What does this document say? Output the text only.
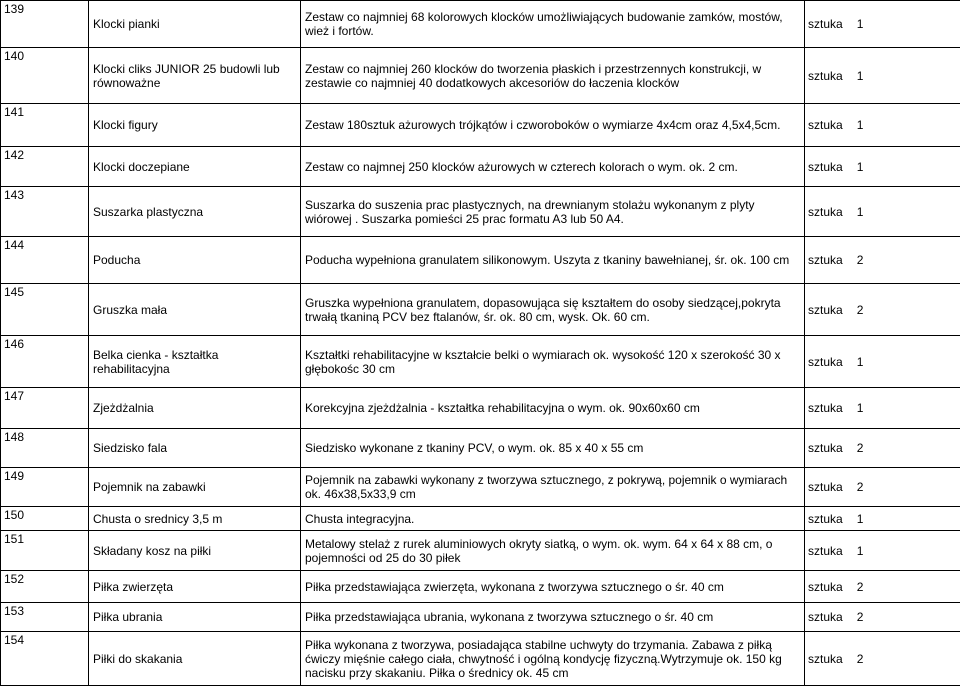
139	Klocki pianki	Zestaw co najmniej 68 kolorowych klocków umożliwiających budowanie zamków, mostów, wież i fortów.	sztuka 1
140	Klocki cliks JUNIOR 25 budowli lub równoważne	Zestaw co najmniej 260 klocków do tworzenia płaskich i przestrzennych konstrukcji, w zestawie co najmniej 40 dodatkowych akcesoriów do łaczenia klocków	sztuka 1
141	Klocki figury	Zestaw 180sztuk ażurowych trójkątów i czworoboków o wymiarze 4x4cm oraz 4,5x4,5cm.	sztuka 1
142	Klocki doczepiane	Zestaw co najmnej 250 klocków ażurowych w czterech kolorach o wym. ok. 2 cm.	sztuka 1
143	Suszarka plastyczna	Suszarka do suszenia prac plastycznych, na drewnianym stolażu wykonanym z plyty wiórowej . Suszarka pomieści 25 prac formatu A3 lub 50 A4.	sztuka 1
144	Poducha	Poducha wypełniona granulatem silikonowym. Uszyta z tkaniny bawełnianej, śr. ok. 100 cm	sztuka 2
145	Gruszka mała	Gruszka wypełniona granulatem, dopasowująca się kształtem do osoby siedzącej,pokryta trwałą tkaniną PCV bez ftalanów, śr. ok. 80 cm, wysk. Ok. 60 cm.	sztuka 2
146	Belka cienka - kształtka rehabilitacyjna	Kształtki rehabilitacyjne w kształcie belki o wymiarach ok. wysokość 120 x szerokość 30 x głębokośc 30 cm	sztuka 1
147	Zjeżdżalnia	Korekcyjna zjeżdżalnia - kształtka rehabilitacyjna o wym. ok. 90x60x60 cm	sztuka 1
148	Siedzisko fala	Siedzisko wykonane z tkaniny PCV, o wym. ok. 85 x 40 x 55 cm	sztuka 2
149	Pojemnik na zabawki	Pojemnik na zabawki wykonany z tworzywa sztucznego, z pokrywą, pojemnik o wymiarach ok. 46x38,5x33,9 cm	sztuka 2
150	Chusta o srednicy 3,5 m	Chusta integracyjna.	sztuka 1
151	Składany kosz na piłki	Metalowy stelaż z rurek aluminiowych okryty siatką, o wym. ok. wym. 64 x 64 x 88 cm, o pojemności od 25 do 30 piłek	sztuka 1
152	Piłka zwierzęta	Piłka przedstawiająca zwierzęta, wykonana z tworzywa sztucznego o śr. 40 cm	sztuka 2
153	Piłka ubrania	Piłka przedstawiająca ubrania, wykonana z tworzywa sztucznego o śr. 40 cm	sztuka 2
154	Piłki do skakania	Piłka wykonana z tworzywa, posiadająca stabilne uchwyty do trzymania. Zabawa z piłką ćwiczy mięśnie całego ciała, chwytność i ogólną kondycję fizyczną.Wytrzymuje ok. 150 kg nacisku przy skakaniu. Piłka o średnicy ok. 45 cm	sztuka 2
